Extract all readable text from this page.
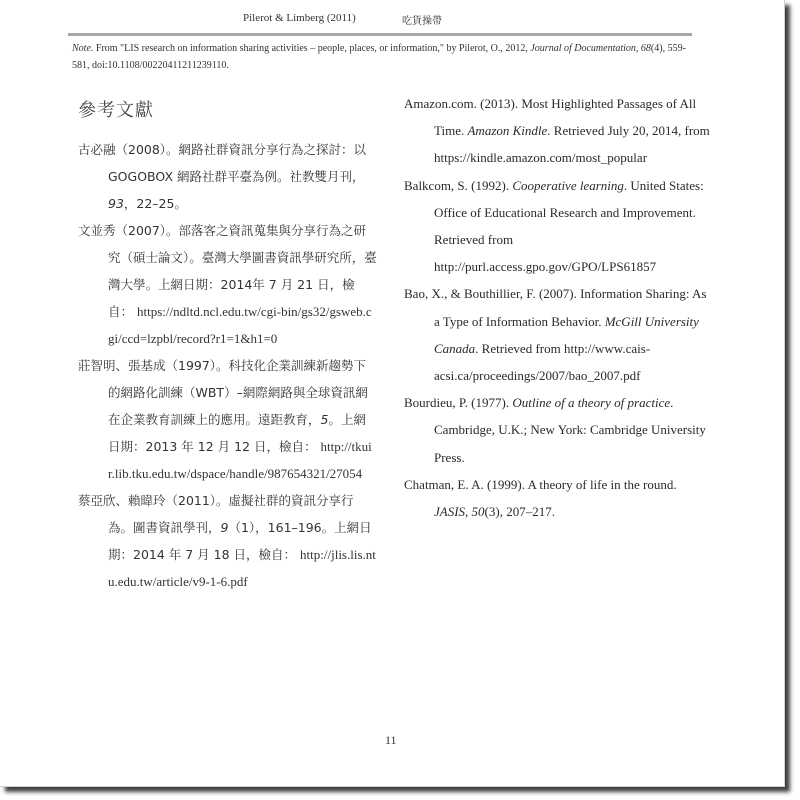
Pilerot & Limberg (2011)	吃貨操帶
Note. From "LIS research on information sharing activities – people, places, or information," by Pilerot, O., 2012, Journal of Documentation, 68(4), 559-581, doi:10.1108/00220411211239110.
參考文獻
古必融（2008）。網路社群資訊分享行為之探討：以 GOGOBOX 網路社群平臺為例。社教雙月刊，93，22–25。
文並秀（2007）。部落客之資訊蒐集與分享行為之研究（碩士論文）。臺灣大學圖書資訊學研究所，臺灣大學。上網日期：2014年 7 月 21 日，檢自： https://ndltd.ncl.edu.tw/cgi-bin/gs32/gsweb.cgi/ccd=lzpbl/record?r1=1&h1=0
莊智明、張基成（1997）。科技化企業訓練新趨勢下的網路化訓練（WBT）–網際網路與全球資訊網在企業教育訓練上的應用。遠距教育，5。上網日期：2013 年 12 月 12 日，檢自： http://tkuir.lib.tku.edu.tw/dspace/handle/987654321/27054
蔡亞欣、賴暐玲（2011）。虛擬社群的資訊分享行為。圖書資訊學刊，9（1），161–196。上網日期：2014 年 7 月 18 日，檢自： http://jlis.lis.ntu.edu.tw/article/v9-1-6.pdf
Amazon.com. (2013). Most Highlighted Passages of All Time. Amazon Kindle. Retrieved July 20, 2014, from https://kindle.amazon.com/most_popular
Balkcom, S. (1992). Cooperative learning. United States: Office of Educational Research and Improvement. Retrieved from http://purl.access.gpo.gov/GPO/LPS61857
Bao, X., & Bouthillier, F. (2007). Information Sharing: As a Type of Information Behavior. McGill University Canada. Retrieved from http://www.cais-acsi.ca/proceedings/2007/bao_2007.pdf
Bourdieu, P. (1977). Outline of a theory of practice. Cambridge, U.K.; New York: Cambridge University Press.
Chatman, E. A. (1999). A theory of life in the round. JASIS, 50(3), 207–217.
11
